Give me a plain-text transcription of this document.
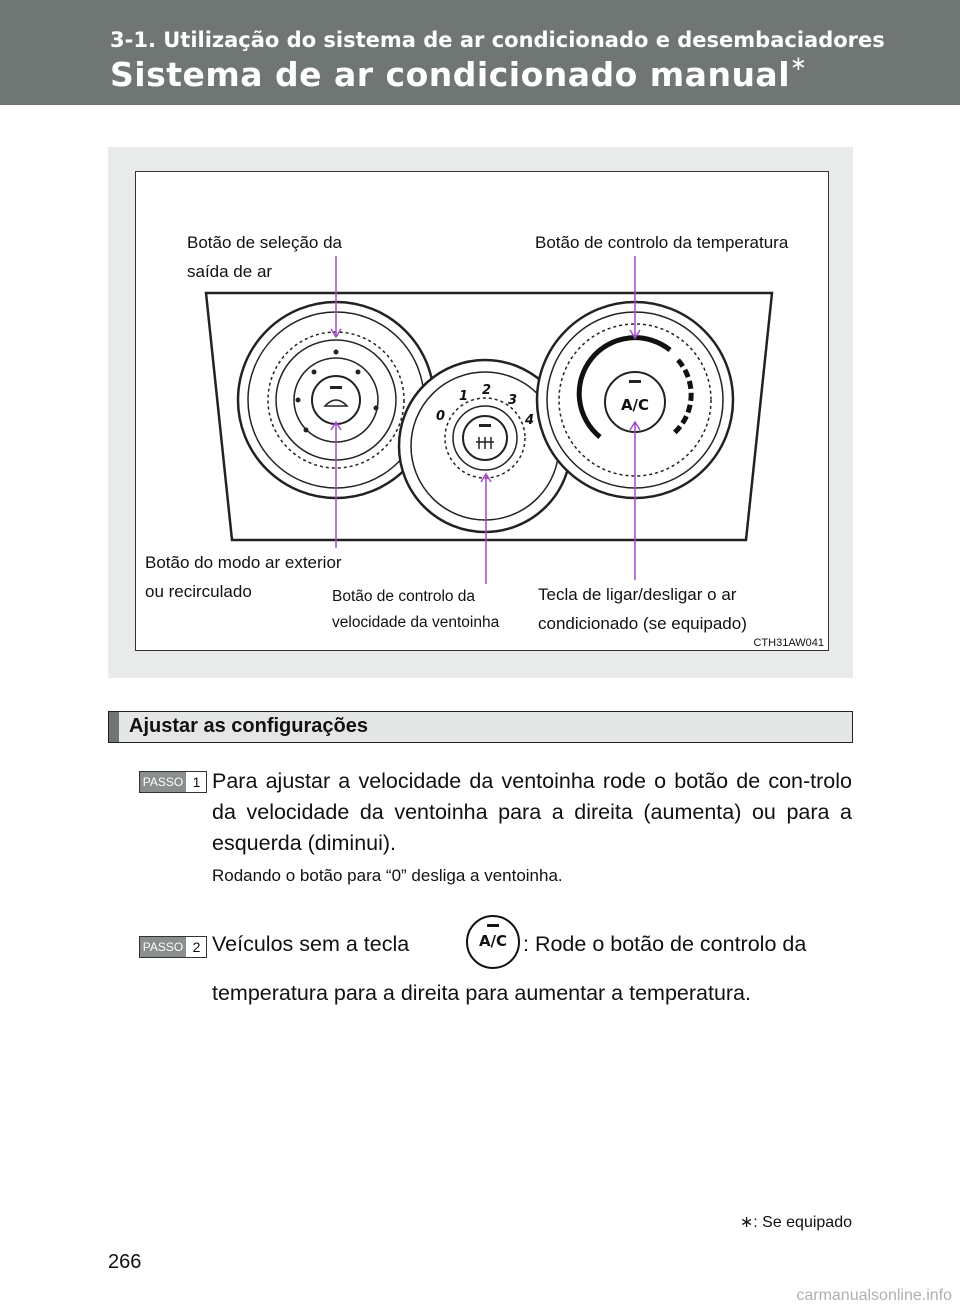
3-1. Utilização do sistema de ar condicionado e desembaciadores
Sistema de ar condicionado manual∗
Botão de seleção da
saída de ar
Botão de controlo da temperatura
Botão do modo ar exterior
ou recirculado	Botão de controlo da
velocidade da ventoinha
Tecla de ligar/desligar o ar
condicionado (se equipado)
CTH31AW041
0
1 2
3
4
A/C
Ajustar as configurações
PASSO 1 Para ajustar a velocidade da ventoinha rode o botão de con-trolo da velocidade da ventoinha para a direita (aumenta) ou para a esquerda (diminui).
Rodando o botão para “0” desliga a ventoinha.
PASSO 2 Veículos sem a tecla	A/C : Rode o botão de controlo da
temperatura para a direita para aumentar a temperatura.
∗: Se equipado
266
carmanualsonline.info
